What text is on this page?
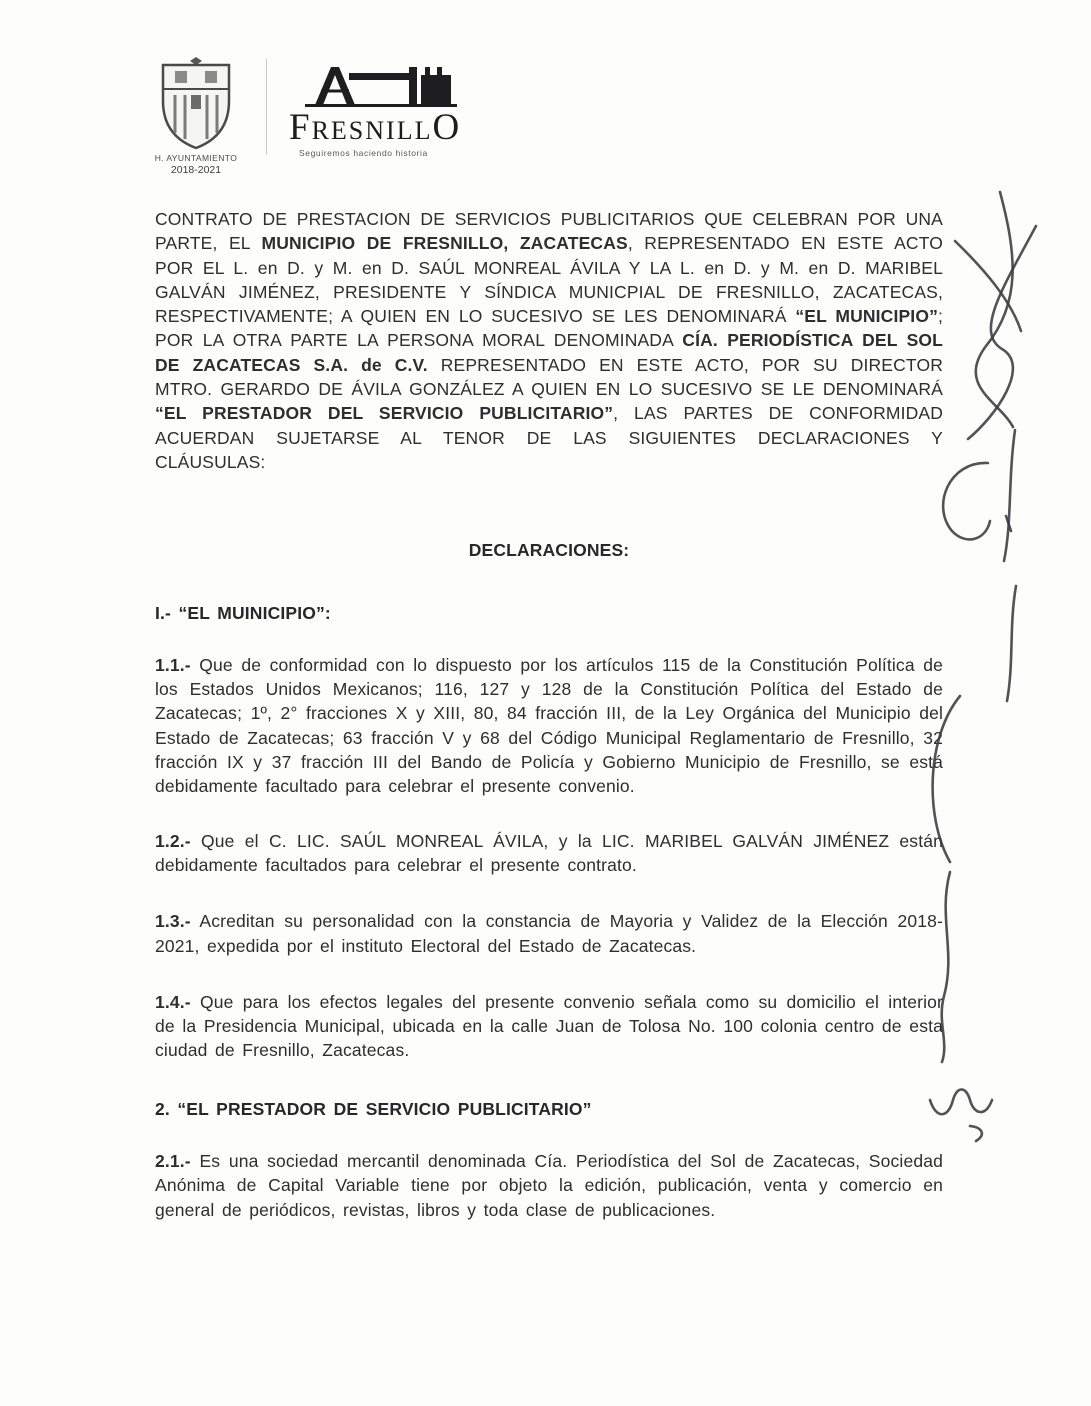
H. AYUNTAMIENTO
2018-2021
FRESNILLO
Seguiremos haciendo historia

CONTRATO DE PRESTACION DE SERVICIOS PUBLICITARIOS QUE CELEBRAN POR UNA PARTE, EL MUNICIPIO DE FRESNILLO, ZACATECAS, REPRESENTADO EN ESTE ACTO POR EL L. en D. y M. en D. SAÚL MONREAL ÁVILA Y LA L. en D. y M. en D. MARIBEL GALVÁN JIMÉNEZ, PRESIDENTE Y SÍNDICA MUNICPIAL DE FRESNILLO, ZACATECAS, RESPECTIVAMENTE; A QUIEN EN LO SUCESIVO SE LES DENOMINARÁ “EL MUNICIPIO”; POR LA OTRA PARTE LA PERSONA MORAL DENOMINADA CÍA. PERIODÍSTICA DEL SOL DE ZACATECAS S.A. de C.V. REPRESENTADO EN ESTE ACTO, POR SU DIRECTOR MTRO. GERARDO DE ÁVILA GONZÁLEZ A QUIEN EN LO SUCESIVO SE LE DENOMINARÁ “EL PRESTADOR DEL SERVICIO PUBLICITARIO”, LAS PARTES DE CONFORMIDAD ACUERDAN SUJETARSE AL TENOR DE LAS SIGUIENTES DECLARACIONES Y CLÁUSULAS:

DECLARACIONES:
I.- “EL MUINICIPIO”:

1.1.- Que de conformidad con lo dispuesto por los artículos 115 de la Constitución Política de los Estados Unidos Mexicanos; 116, 127 y 128 de la Constitución Política del Estado de Zacatecas; 1º, 2° fracciones X y XIII, 80, 84 fracción III, de la Ley Orgánica del Municipio del Estado de Zacatecas; 63 fracción V y 68 del Código Municipal Reglamentario de Fresnillo, 32 fracción IX y 37 fracción III del Bando de Policía y Gobierno Municipio de Fresnillo, se está debidamente facultado para celebrar el presente convenio.

1.2.- Que el C. LIC. SAÚL MONREAL ÁVILA, y la LIC. MARIBEL GALVÁN JIMÉNEZ están debidamente facultados para celebrar el presente contrato.

1.3.- Acreditan su personalidad con la constancia de Mayoria y Validez de la Elección 2018-2021, expedida por el instituto Electoral del Estado de Zacatecas.

1.4.- Que para los efectos legales del presente convenio señala como su domicilio el interior de la Presidencia Municipal, ubicada en la calle Juan de Tolosa No. 100 colonia centro de esta ciudad de Fresnillo, Zacatecas.

2. “EL PRESTADOR DE SERVICIO PUBLICITARIO”

2.1.- Es una sociedad mercantil denominada Cía. Periodística del Sol de Zacatecas, Sociedad Anónima de Capital Variable tiene por objeto la edición, publicación, venta y comercio en general de periódicos, revistas, libros y toda clase de publicaciones.
